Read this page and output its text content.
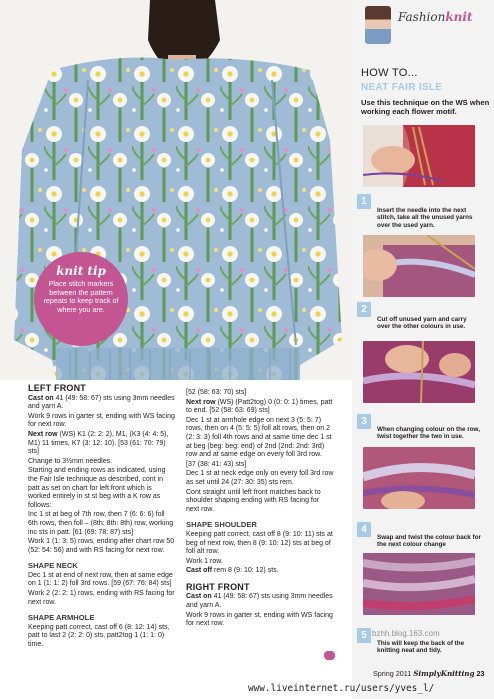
knit tip
Place stitch markers between the pattern repeats to keep track of where you are.
LEFT FRONT

Cast on 41 (49: 58: 67) sts using 3mm needles and yarn A.

Work 9 rows in garter st, ending with WS facing for next row.

Next row (WS) K1 (2: 2: 2), M1, (K3 (4: 4: 5), M1) 11 times, K7 (3: 12: 10). [53 (61: 70: 79) sts]

Change to 3½mm needles.

Starting and ending rows as indicated, using the Fair Isle technique as described, cont in patt as set on chart for left front which is worked entirely in st st beg with a K row as follows:

Inc 1 st at beg of 7th row, then 7 (6: 6: 6) foll 6th rows, then foll – (8th: 8th: 8th) row, working inc sts in patt. [61 (69: 78: 87) sts]

Work 1 (1: 3: 5) rows, ending after chart row 50 (52: 54: 56) and with RS facing for next row.

SHAPE NECK

Dec 1 st at end of next row, then at same edge on 1 (1: 1: 2) foll 3rd rows. [59 (67: 76: 84) sts]

Work 2 (2: 2: 1) rows, ending with RS facing for next row.

SHAPE ARMHOLE

Keeping patt correct, cast off 6 (8: 12: 14) sts, patt to last 2 (2: 2: 0) sts, patt2tog 1 (1: 1: 0) time.

[52 (58: 63: 70) sts]

Next row (WS) (Patt2tog) 0 (0: 0: 1) times, patt to end. [52 (58: 63: 69) sts]

Dec 1 st at armhole edge on next 3 (5: 5: 7) rows, then on 4 (5: 5: 5) foll alt rows, then on 2 (2: 3: 3) foll 4th rows and at same time dec 1 st at beg (beg: beg: end) of 2nd (2nd: 2nd: 3rd) row and at same edge on every foll 3rd row.

[37 (38: 41: 43) sts]

Dec 1 st at neck edge only on every foll 3rd row as set until 24 (27: 30: 35) sts rem.

Cont straight until left front matches back to shoulder shaping ending with RS facing for next row.

SHAPE SHOULDER

Keeping patt correct, cast off 8 (9: 10: 11) sts at beg of next row, then 8 (9: 10: 12) sts at beg of foll alt row.

Work 1 row.

Cast off rem 8 (9: 10: 12) sts.

RIGHT FRONT

Cast on 41 (49: 58: 67) sts using 3mm needles and yarn A.

Work 9 rows in garter st, ending with WS facing for next row.

Fashionknit
HOW TO...
NEAT FAIR ISLE
Use this technique on the WS when working each flower motif.
1
Insert the needle into the next stitch, take all the unused yarns over the used yarn.
2
Cut off unused yarn and carry over the other colours in use.
3
When changing colour on the row, twist together the two in use.
4
Swap and twist the colour back for the next colour change
5
This will keep the back of the knitting neat and tidy.
bzhh.blog.163.com
Spring 2011 SimplyKnitting 23
www.liveinternet.ru/users/yves_l/
